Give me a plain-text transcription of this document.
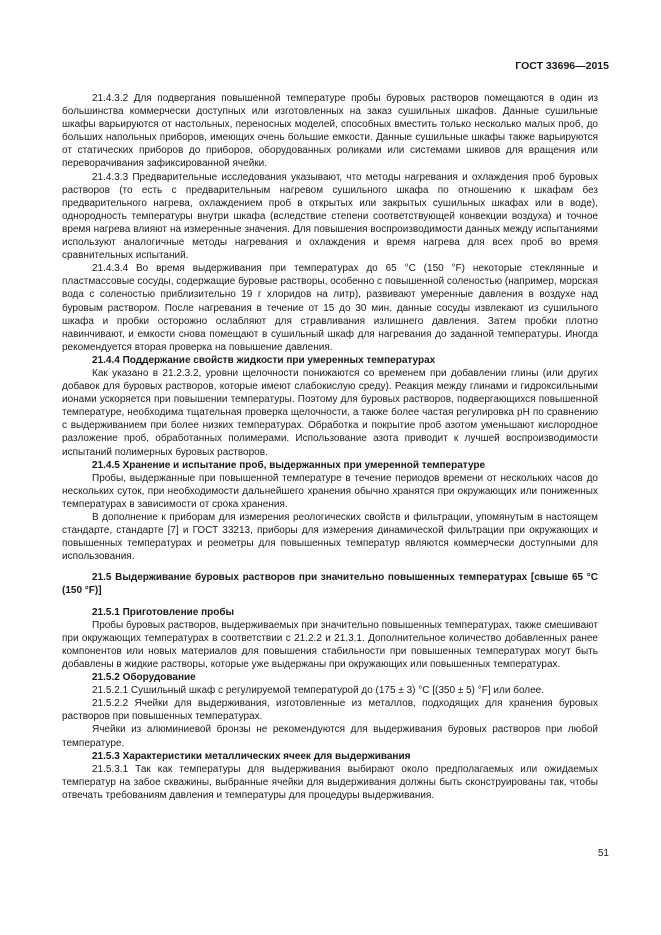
ГОСТ 33696—2015

21.4.3.2 Для подвергания повышенной температуре пробы буровых растворов помещаются в один из большинства коммерчески доступных или изготовленных на заказ сушильных шкафов. Данные сушильные шкафы варьируются от настольных, переносных моделей, способных вместить только несколько малых проб, до больших напольных приборов, имеющих очень большие емкости. Данные сушильные шкафы также варьируются от статических приборов до приборов, оборудованных роликами или системами шкивов для вращения или переворачивания зафиксированной ячейки.

21.4.3.3 Предварительные исследования указывают, что методы нагревания и охлаждения проб буровых растворов (то есть с предварительным нагревом сушильного шкафа по отношению к шкафам без предварительного нагрева, охлаждением проб в открытых или закрытых сушильных шкафах или в воде), однородность температуры внутри шкафа (вследствие степени соответствующей конвекции воздуха) и точное время нагрева влияют на измеренные значения. Для повышения воспроизводимости данных между испытаниями используют аналогичные методы нагревания и охлаждения и время нагрева для всех проб во время сравнительных испытаний.

21.4.3.4 Во время выдерживания при температурах до 65 °С (150 °F) некоторые стеклянные и пластмассовые сосуды, содержащие буровые растворы, особенно с повышенной соленостью (например, морская вода с соленостью приблизительно 19 г хлоридов на литр), развивают умеренные давления в воздухе над буровым раствором. После нагревания в течение от 15 до 30 мин. данные сосуды извлекают из сушильного шкафа и пробки осторожно ослабляют для стравливания излишнего давления. Затем пробки плотно навинчивают, и емкости снова помещают в сушильный шкаф для нагревания до заданной температуры. Иногда рекомендуется вторая проверка на повышение давления.

21.4.4 Поддержание свойств жидкости при умеренных температурах

Как указано в 21.2.3.2, уровни щелочности понижаются со временем при добавлении глины (или других добавок для буровых растворов, которые имеют слабокислую среду). Реакция между глинами и гидроксильными ионами ускоряется при повышении температуры. Поэтому для буровых растворов, подвергающихся повышенной температуре, необходима тщательная проверка щелочности, а также более частая регулировка pH по сравнению с выдерживанием при более низких температурах. Обработка и покрытие проб азотом уменьшают кислородное разложение проб, обработанных полимерами. Использование азота приводит к лучшей воспроизводимости испытаний полимерных буровых растворов.

21.4.5 Хранение и испытание проб, выдержанных при умеренной температуре

Пробы, выдержанные при повышенной температуре в течение периодов времени от нескольких часов до нескольких суток, при необходимости дальнейшего хранения обычно хранятся при окружающих или пониженных температурах в зависимости от срока хранения.

В дополнение к приборам для измерения реологических свойств и фильтрации, упомянутым в настоящем стандарте, стандарте [7] и ГОСТ 33213, приборы для измерения динамической фильтрации при окружающих и повышенных температурах и реометры для повышенных температур являются коммерчески доступными для использования.

21.5 Выдерживание буровых растворов при значительно повышенных температурах [свыше 65 °С (150 °F)]

21.5.1 Приготовление пробы

Пробы буровых растворов, выдерживаемых при значительно повышенных температурах, также смешивают при окружающих температурах в соответствии с 21.2.2 и 21.3.1. Дополнительное количество добавленных ранее компонентов или новых материалов для повышения стабильности при повышенных температурах могут быть добавлены в жидкие растворы, которые уже выдержаны при окружающих или повышенных температурах.

21.5.2 Оборудование

21.5.2.1 Сушильный шкаф с регулируемой температурой до (175 ± 3) °С [(350 ± 5) °F] или более.

21.5.2.2 Ячейки для выдерживания, изготовленные из металлов, подходящих для хранения буровых растворов при повышенных температурах.

Ячейки из алюминиевой бронзы не рекомендуются для выдерживания буровых растворов при любой температуре.

21.5.3 Характеристики металлических ячеек для выдерживания

21.5.3.1 Так как температуры для выдерживания выбирают около предполагаемых или ожидаемых температур на забое скважины, выбранные ячейки для выдерживания должны быть сконструированы так, чтобы отвечать требованиям давления и температуры для процедуры выдерживания.

51
